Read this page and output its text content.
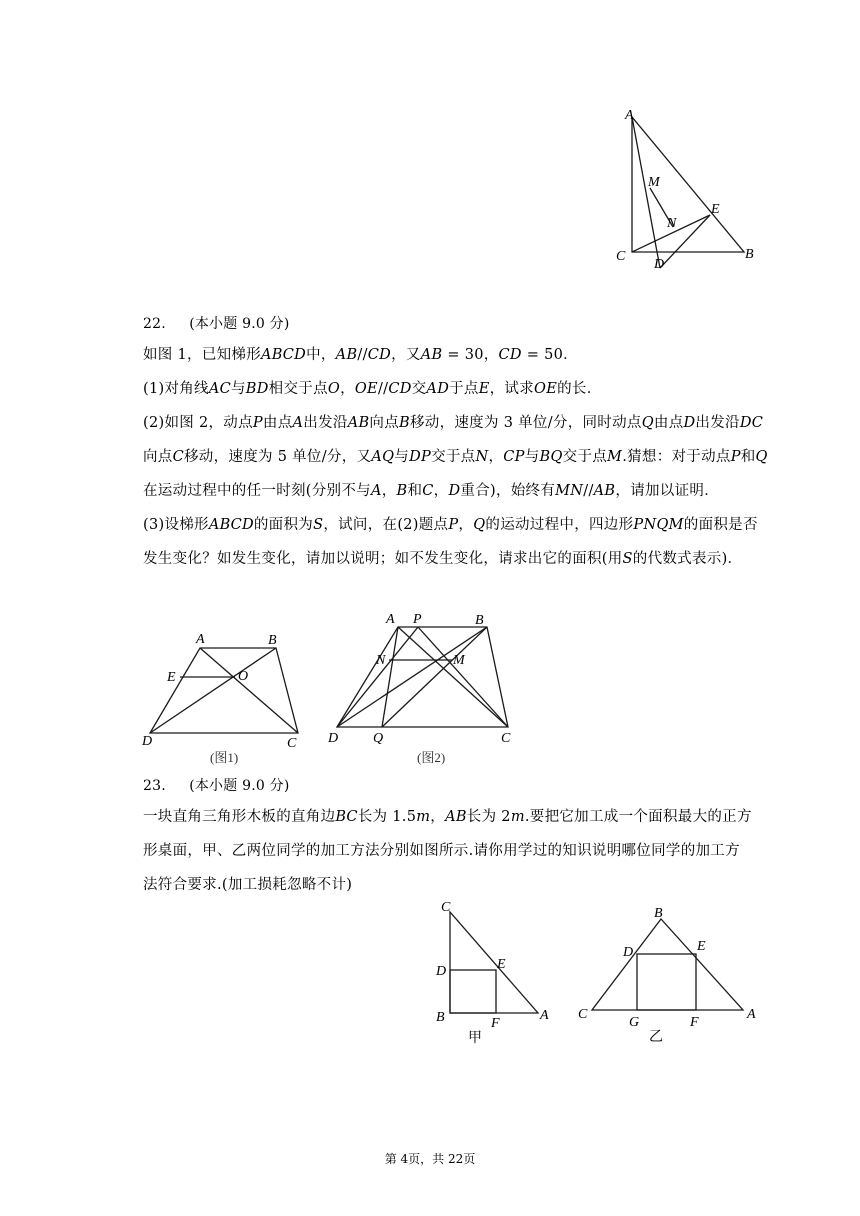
A
M
N
E
C
D
B
22. (本小题 9.0 分)
如图 1，已知梯形𝐴𝐵𝐶𝐷中，𝐴𝐵//𝐶𝐷，又𝐴𝐵 = 30，𝐶𝐷 = 50．
(1)对角线𝐴𝐶与𝐵𝐷相交于点𝑂，𝑂𝐸//𝐶𝐷交𝐴𝐷于点𝐸，试求𝑂𝐸的长．
(2)如图 2，动点𝑃由点𝐴出发沿𝐴𝐵向点𝐵移动，速度为 3 单位/分，同时动点𝑄由点𝐷出发沿𝐷𝐶
向点𝐶移动，速度为 5 单位/分，又𝐴𝑄与𝐷𝑃交于点𝑁，𝐶𝑃与𝐵𝑄交于点𝑀.猜想：对于动点𝑃和𝑄
在运动过程中的任一时刻(分别不与𝐴，𝐵和𝐶，𝐷重合)，始终有𝑀𝑁//𝐴𝐵，请加以证明．
(3)设梯形𝐴𝐵𝐶𝐷的面积为𝑆，试问，在(2)题点𝑃，𝑄的运动过程中，四边形𝑃𝑁𝑄𝑀的面积是否
发生变化？如发生变化，请加以说明；如不发生变化，请求出它的面积(用𝑆的代数式表示)．
A	B
E	O
D	C
(图1)
A P	B
N	M
D Q	C
(图2)
23. (本小题 9.0 分)
一块直角三角形木板的直角边𝐵𝐶长为 1.5𝑚，𝐴𝐵长为 2𝑚.要把它加工成一个面积最大的正方
形桌面，甲、乙两位同学的加工方法分别如图所示.请你用学过的知识说明哪位同学的加工方
法符合要求.(加工损耗忽略不计)
C
D	E
B	F
A
甲
B
D	E
C
G	F
A
乙
第 4页，共 22页
